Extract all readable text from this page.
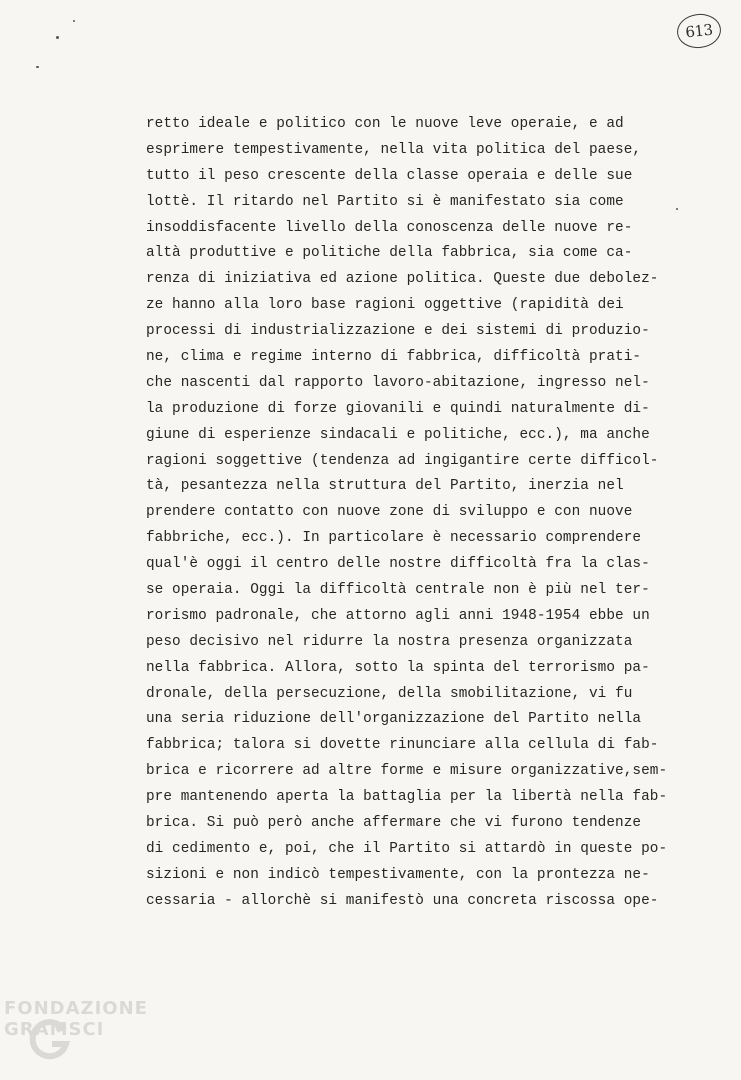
613
retto ideale e politico con le nuove leve operaie, e ad
esprimere tempestivamente, nella vita politica del paese,
tutto il peso crescente della classe operaia e delle sue
lottè. Il ritardo nel Partito si è manifestato sia come
insoddisfacente livello della conoscenza delle nuove re-
altà produttive e politiche della fabbrica, sia come ca-
renza di iniziativa ed azione politica. Queste due debolez-
ze hanno alla loro base ragioni oggettive (rapidità dei
processi di industrializzazione e dei sistemi di produzio-
ne, clima e regime interno di fabbrica, difficoltà prati-
che nascenti dal rapporto lavoro-abitazione, ingresso nel-
la produzione di forze giovanili e quindi naturalmente di-
giune di esperienze sindacali e politiche, ecc.), ma anche
ragioni soggettive (tendenza ad ingigantire certe difficol-
tà, pesantezza nella struttura del Partito, inerzia nel
prendere contatto con nuove zone di sviluppo e con nuove
fabbriche, ecc.). In particolare è necessario comprendere
qual'è oggi il centro delle nostre difficoltà fra la clas-
se operaia. Oggi la difficoltà centrale non è più nel ter-
rorismo padronale, che attorno agli anni 1948-1954 ebbe un
peso decisivo nel ridurre la nostra presenza organizzata
nella fabbrica. Allora, sotto la spinta del terrorismo pa-
dronale, della persecuzione, della smobilitazione, vi fu
una seria riduzione dell'organizzazione del Partito nella
fabbrica; talora si dovette rinunciare alla cellula di fab-
brica e ricorrere ad altre forme e misure organizzative,sem-
pre mantenendo aperta la battaglia per la libertà nella fab-
brica. Si può però anche affermare che vi furono tendenze
di cedimento e, poi, che il Partito si attardò in queste po-
sizioni e non indicò tempestivamente, con la prontezza ne-
cessaria - allorchè si manifestò una concreta riscossa ope-
FONDAZIONE GRAMSCI
